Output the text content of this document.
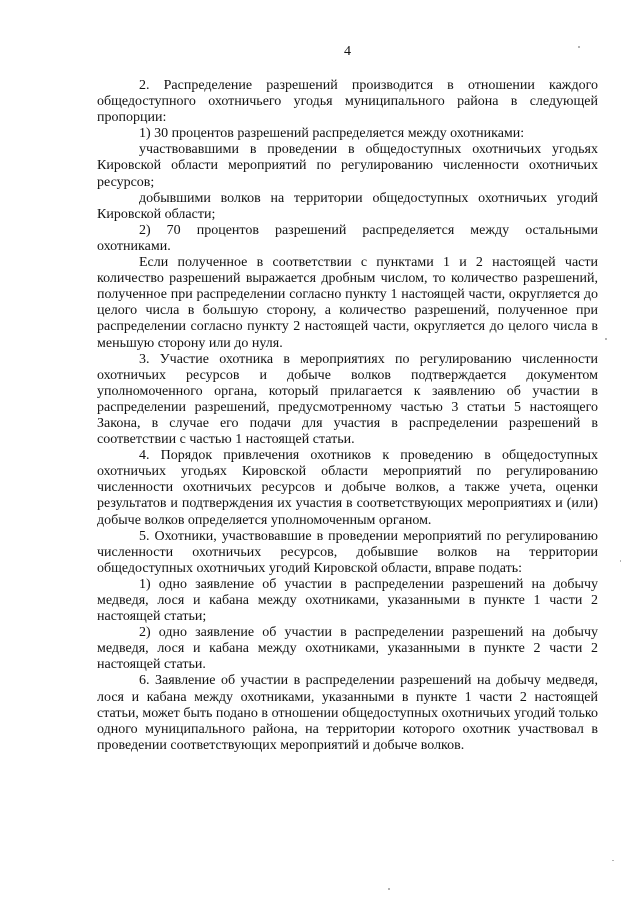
4

2. Распределение разрешений производится в отношении каждого общедоступного охотничьего угодья муниципального района в следующей пропорции:

1) 30 процентов разрешений распределяется между охотниками:

участвовавшими в проведении в общедоступных охотничьих угодьях Кировской области мероприятий по регулированию численности охотничьих ресурсов;

добывшими волков на территории общедоступных охотничьих угодий Кировской области;

2) 70 процентов разрешений распределяется между остальными охотниками.

Если полученное в соответствии с пунктами 1 и 2 настоящей части количество разрешений выражается дробным числом, то количество разрешений, полученное при распределении согласно пункту 1 настоящей части, округляется до целого числа в большую сторону, а количество разрешений, полученное при распределении согласно пункту 2 настоящей части, округляется до целого числа в меньшую сторону или до нуля.

3. Участие охотника в мероприятиях по регулированию численности охотничьих ресурсов и добыче волков подтверждается документом уполномоченного органа, который прилагается к заявлению об участии в распределении разрешений, предусмотренному частью 3 статьи 5 настоящего Закона, в случае его подачи для участия в распределении разрешений в соответствии с частью 1 настоящей статьи.

4. Порядок привлечения охотников к проведению в общедоступных охотничьих угодьях Кировской области мероприятий по регулированию численности охотничьих ресурсов и добыче волков, а также учета, оценки результатов и подтверждения их участия в соответствующих мероприятиях и (или) добыче волков определяется уполномоченным органом.

5. Охотники, участвовавшие в проведении мероприятий по регулированию численности охотничьих ресурсов, добывшие волков на территории общедоступных охотничьих угодий Кировской области, вправе подать:

1) одно заявление об участии в распределении разрешений на добычу медведя, лося и кабана между охотниками, указанными в пункте 1 части 2 настоящей статьи;

2) одно заявление об участии в распределении разрешений на добычу медведя, лося и кабана между охотниками, указанными в пункте 2 части 2 настоящей статьи.

6. Заявление об участии в распределении разрешений на добычу медведя, лося и кабана между охотниками, указанными в пункте 1 части 2 настоящей статьи, может быть подано в отношении общедоступных охотничьих угодий только одного муниципального района, на территории которого охотник участвовал в проведении соответствующих мероприятий и добыче волков.
